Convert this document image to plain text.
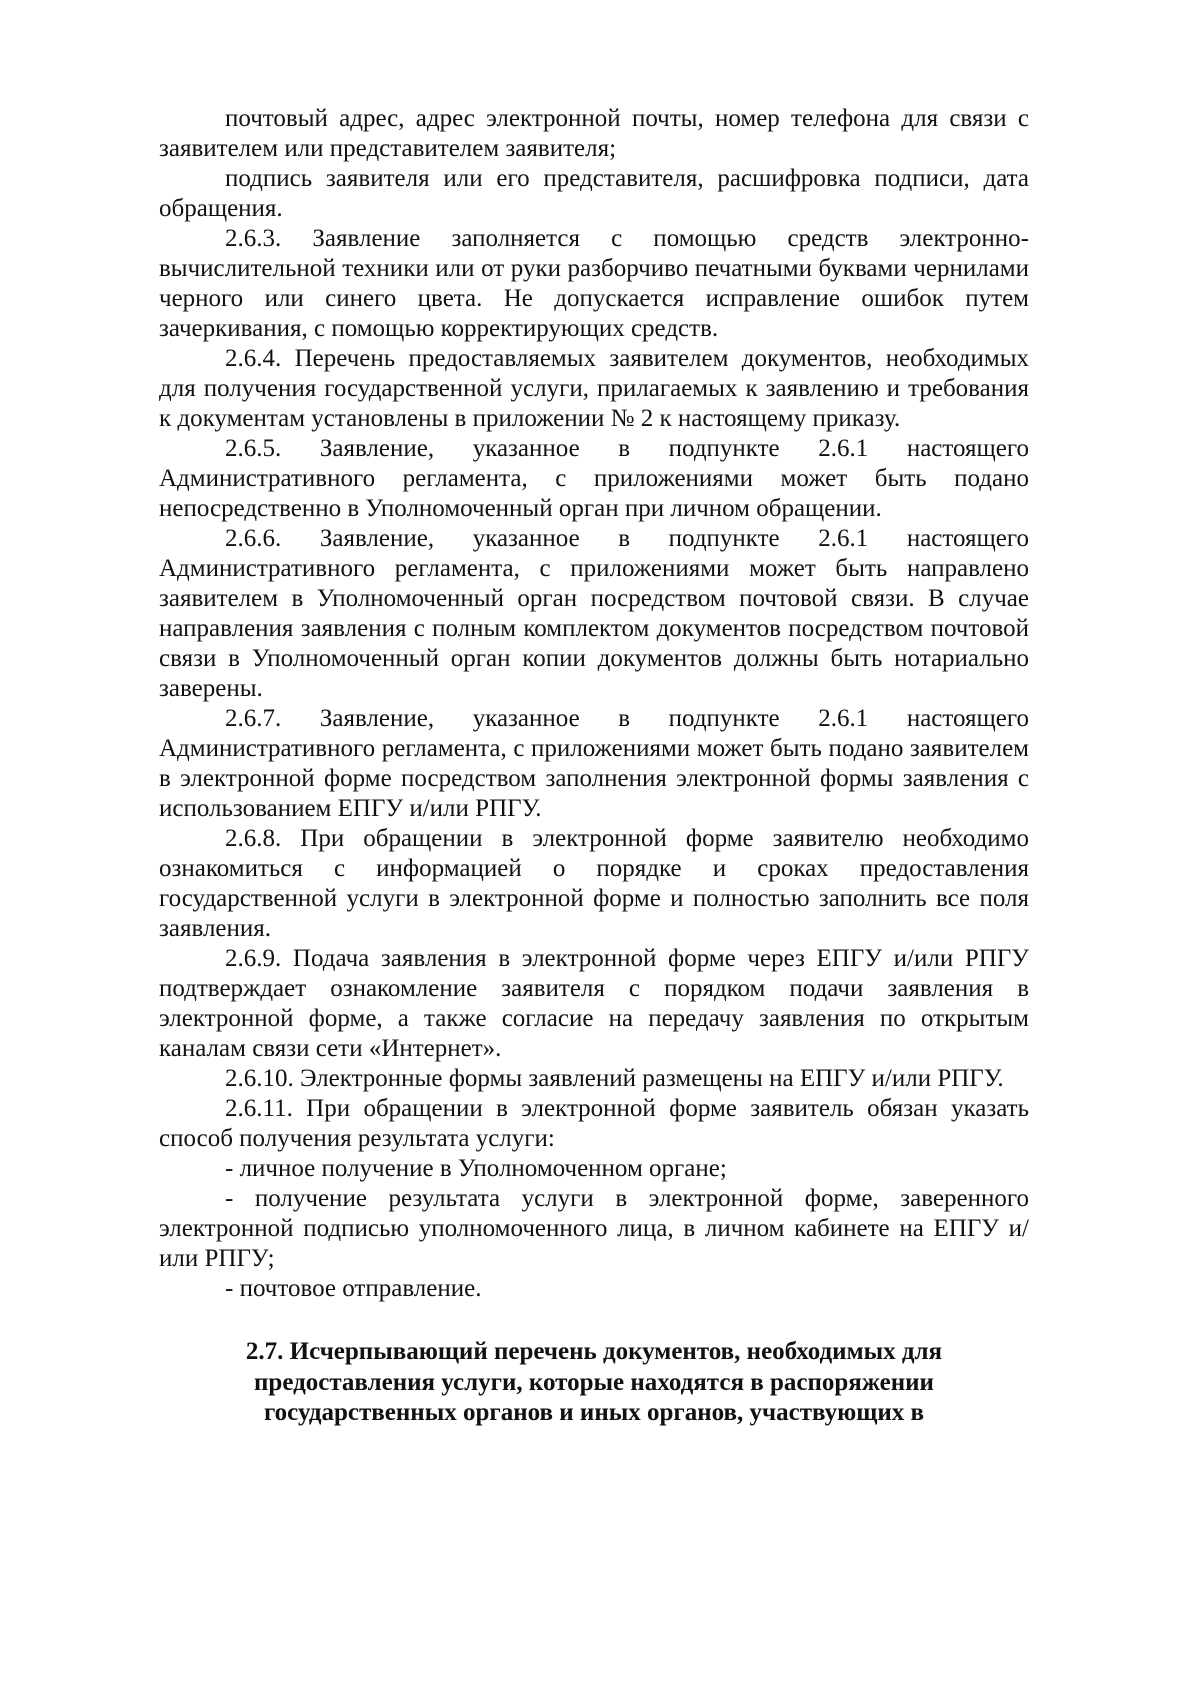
почтовый адрес, адрес электронной почты, номер телефона для связи с заявителем или представителем заявителя;

подпись заявителя или его представителя, расшифровка подписи, дата обращения.

2.6.3. Заявление заполняется с помощью средств электронно-вычислительной техники или от руки разборчиво печатными буквами чернилами черного или синего цвета. Не допускается исправление ошибок путем зачеркивания, с помощью корректирующих средств.

2.6.4. Перечень предоставляемых заявителем документов, необходимых для получения государственной услуги, прилагаемых к заявлению и требования к документам установлены в приложении № 2 к настоящему приказу.

2.6.5. Заявление, указанное в подпункте 2.6.1 настоящего Административного регламента, с приложениями может быть подано непосредственно в Уполномоченный орган при личном обращении.

2.6.6. Заявление, указанное в подпункте 2.6.1 настоящего Административного регламента, с приложениями может быть направлено заявителем в Уполномоченный орган посредством почтовой связи. В случае направления заявления с полным комплектом документов посредством почтовой связи в Уполномоченный орган копии документов должны быть нотариально заверены.

2.6.7. Заявление, указанное в подпункте 2.6.1 настоящего Административного регламента, с приложениями может быть подано заявителем в электронной форме посредством заполнения электронной формы заявления с использованием ЕПГУ и/или РПГУ.

2.6.8. При обращении в электронной форме заявителю необходимо ознакомиться с информацией о порядке и сроках предоставления государственной услуги в электронной форме и полностью заполнить все поля заявления.

2.6.9. Подача заявления в электронной форме через ЕПГУ и/или РПГУ подтверждает ознакомление заявителя с порядком подачи заявления в электронной форме, а также согласие на передачу заявления по открытым каналам связи сети «Интернет».

2.6.10. Электронные формы заявлений размещены на ЕПГУ и/или РПГУ.

2.6.11. При обращении в электронной форме заявитель обязан указать способ получения результата услуги:

- личное получение в Уполномоченном органе;

- получение результата услуги в электронной форме, заверенного электронной подписью уполномоченного лица, в личном кабинете на ЕПГУ и/или РПГУ;

- почтовое отправление.

2.7. Исчерпывающий перечень документов, необходимых для предоставления услуги, которые находятся в распоряжении государственных органов и иных органов, участвующих в
